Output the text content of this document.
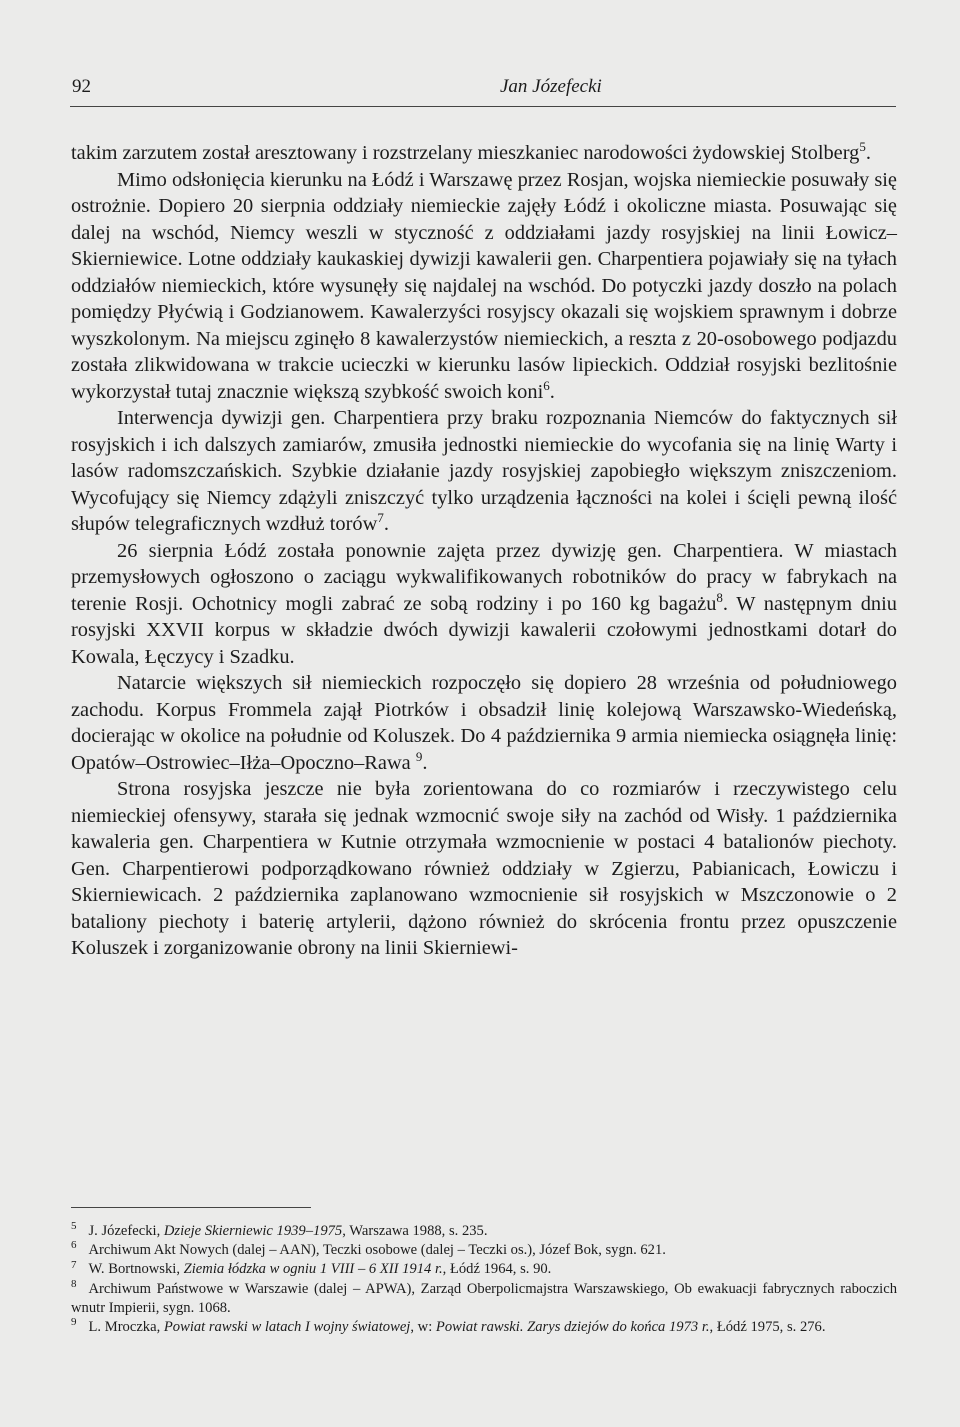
92	Jan Józefecki

takim zarzutem został aresztowany i rozstrzelany mieszkaniec narodowości żydowskiej Stolberg$^5$.

Mimo odsłonięcia kierunku na Łódź i Warszawę przez Rosjan, wojska niemieckie posuwały się ostrożnie. Dopiero 20 sierpnia oddziały niemieckie zajęły Łódź i okoliczne miasta. Posuwając się dalej na wschód, Niemcy weszli w styczność z oddziałami jazdy rosyjskiej na linii Łowicz–Skierniewice. Lotne oddziały kaukaskiej dywizji kawalerii gen. Charpentiera pojawiały się na tyłach oddziałów niemieckich, które wysunęły się najdalej na wschód. Do potyczki jazdy doszło na polach pomiędzy Płyćwią i Godzianowem. Kawalerzyści rosyjscy okazali się wojskiem sprawnym i dobrze wyszkolonym. Na miejscu zginęło 8 kawalerzystów niemieckich, a reszta z 20-osobowego podjazdu została zlikwidowana w trakcie ucieczki w kierunku lasów lipieckich. Oddział rosyjski bezlitośnie wykorzystał tutaj znacznie większą szybkość swoich koni$^6$.

Interwencja dywizji gen. Charpentiera przy braku rozpoznania Niemców do faktycznych sił rosyjskich i ich dalszych zamiarów, zmusiła jednostki niemieckie do wycofania się na linię Warty i lasów radomszczańskich. Szybkie działanie jazdy rosyjskiej zapobiegło większym zniszczeniom. Wycofujący się Niemcy zdążyli zniszczyć tylko urządzenia łączności na kolei i ścięli pewną ilość słupów telegraficznych wzdłuż torów$^7$.

26 sierpnia Łódź została ponownie zajęta przez dywizję gen. Charpentiera. W miastach przemysłowych ogłoszono o zaciągu wykwalifikowanych robotników do pracy w fabrykach na terenie Rosji. Ochotnicy mogli zabrać ze sobą rodziny i po 160 kg bagażu$^8$. W następnym dniu rosyjski XXVII korpus w składzie dwóch dywizji kawalerii czołowymi jednostkami dotarł do Kowala, Łęczycy i Szadku.

Natarcie większych sił niemieckich rozpoczęło się dopiero 28 września od południowego zachodu. Korpus Frommela zajął Piotrków i obsadził linię kolejową Warszawsko-Wiedeńską, docierając w okolice na południe od Koluszek. Do 4 października 9 armia niemiecka osiągnęła linię: Opatów–Ostrowiec–Iłża–Opoczno–Rawa $^9$.

Strona rosyjska jeszcze nie była zorientowana do co rozmiarów i rzeczywistego celu niemieckiej ofensywy, starała się jednak wzmocnić swoje siły na zachód od Wisły. 1 października kawaleria gen. Charpentiera w Kutnie otrzymała wzmocnienie w postaci 4 batalionów piechoty. Gen. Charpentierowi podporządkowano również oddziały w Zgierzu, Pabianicach, Łowiczu i Skierniewicach. 2 października zaplanowano wzmocnienie sił rosyjskich w Mszczonowie o 2 bataliony piechoty i baterię artylerii, dążono również do skrócenia frontu przez opuszczenie Koluszek i zorganizowanie obrony na linii Skierniewi-

$^5$ J. Józefecki, Dzieje Skierniewic 1939–1975, Warszawa 1988, s. 235.

$^6$ Archiwum Akt Nowych (dalej – AAN), Teczki osobowe (dalej – Teczki os.), Józef Bok, sygn. 621.

$^7$ W. Bortnowski, Ziemia łódzka w ogniu 1 VIII – 6 XII 1914 r., Łódź 1964, s. 90.

$^8$ Archiwum Państwowe w Warszawie (dalej – APWA), Zarząd Oberpolicmajstra Warszawskiego, Ob ewakuacji fabrycznych raboczich wnutr Impierii, sygn. 1068.

$^9$ L. Mroczka, Powiat rawski w latach I wojny światowej, w: Powiat rawski. Zarys dziejów do końca 1973 r., Łódź 1975, s. 276.
